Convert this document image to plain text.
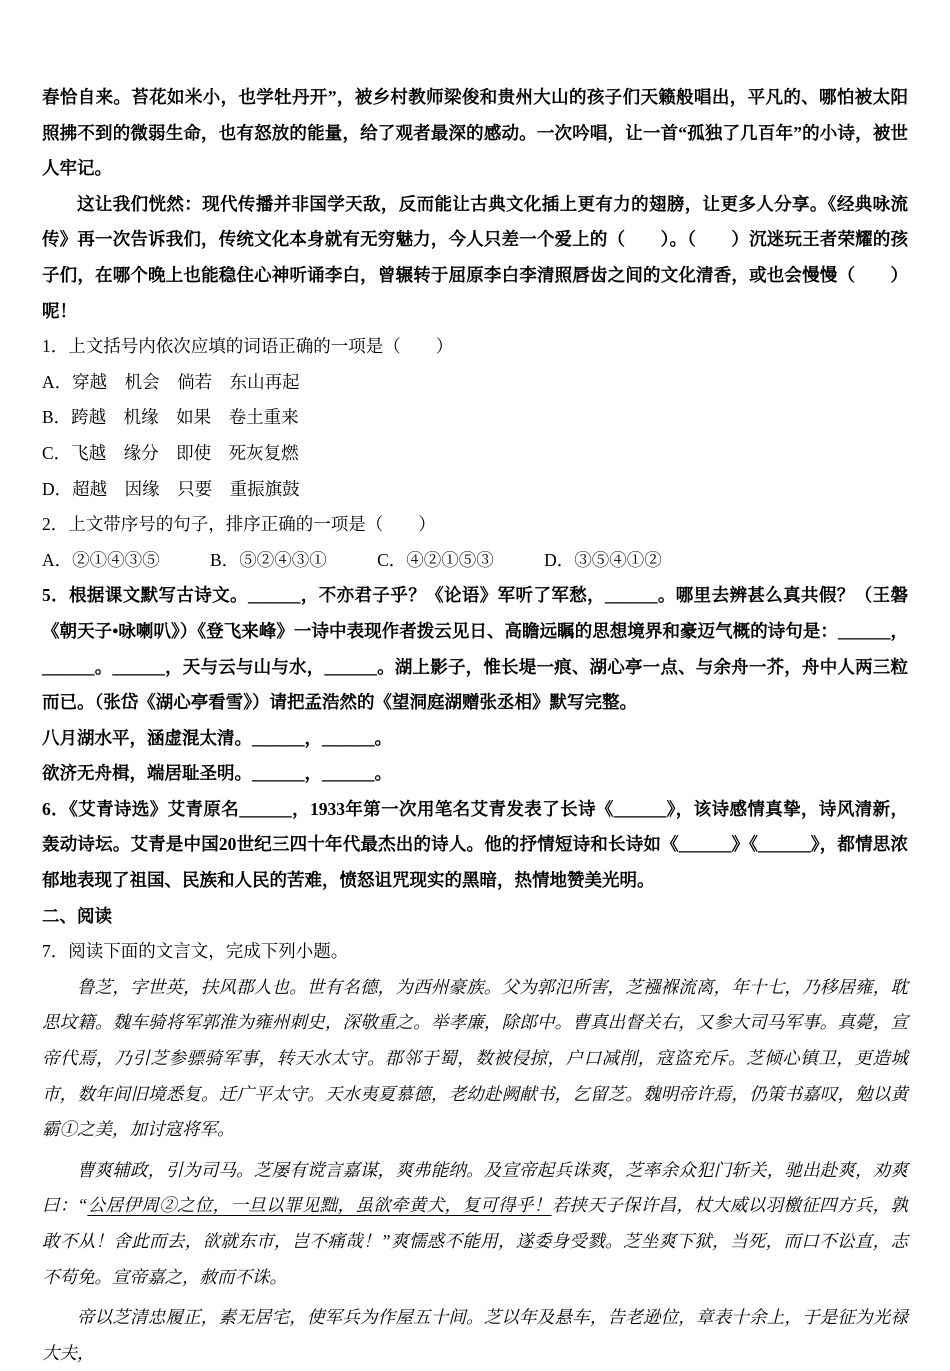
春恰自来。苔花如米小，也学牡丹开”，被乡村教师梁俊和贵州大山的孩子们天籁般唱出，平凡的、哪怕被太阳照拂不到的微弱生命，也有怒放的能量，给了观者最深的感动。一次吟唱，让一首“孤独了几百年”的小诗，被世人牢记。

这让我们恍然：现代传播并非国学天敌，反而能让古典文化插上更有力的翅膀，让更多人分享。《经典咏流传》再一次告诉我们，传统文化本身就有无穷魅力，今人只差一个爱上的（　　）。（　　）沉迷玩王者荣耀的孩子们，在哪个晚上也能稳住心神听诵李白，曾辗转于屈原李白李清照唇齿之间的文化清香，或也会慢慢（　　）呢！

1．上文括号内依次应填的词语正确的一项是（　　）

A．穿越　机会　倘若　东山再起

B．跨越　机缘　如果　卷土重来

C．飞越　缘分　即使　死灰复燃

D．超越　因缘　只要　重振旗鼓

2．上文带序号的句子，排序正确的一项是（　　）

A．②①④③⑤	B．⑤②④③①	C．④②①⑤③	D．③⑤④①②

5．根据课文默写古诗文。______，不亦君子乎？《论语》军听了军愁，______。哪里去辨甚么真共假？（王磐《朝天子•咏喇叭》）《登飞来峰》一诗中表现作者拨云见日、高瞻远瞩的思想境界和豪迈气概的诗句是：______，______。______，天与云与山与水，______。湖上影子，惟长堤一痕、湖心亭一点、与余舟一芥，舟中人两三粒而已。（张岱《湖心亭看雪》）请把孟浩然的《望洞庭湖赠张丞相》默写完整。

八月湖水平，涵虚混太清。______，______。

欲济无舟楫，端居耻圣明。______，______。

6．《艾青诗选》艾青原名______，1933年第一次用笔名艾青发表了长诗《______》，该诗感情真挚，诗风清新，轰动诗坛。艾青是中国20世纪三四十年代最杰出的诗人。他的抒情短诗和长诗如《______》《______》，都情思浓郁地表现了祖国、民族和人民的苦难，愤怒诅咒现实的黑暗，热情地赞美光明。

二、阅读

7．阅读下面的文言文，完成下列小题。

鲁芝，字世英，扶风郡人也。世有名德，为西州豪族。父为郭氾所害，芝襁褓流离，年十七，乃移居雍，耽思坟籍。魏车骑将军郭淮为雍州刺史，深敬重之。举孝廉，除郎中。曹真出督关右，又参大司马军事。真薨，宣帝代焉，乃引芝参骠骑军事，转天水太守。郡邻于蜀，数被侵掠，户口减削，寇盗充斥。芝倾心镇卫，更造城市，数年间旧境悉复。迁广平太守。天水夷夏慕德，老幼赴阙献书，乞留芝。魏明帝许焉，仍策书嘉叹，勉以黄霸①之美，加讨寇将军。

曹爽辅政，引为司马。芝屡有谠言嘉谋，爽弗能纳。及宣帝起兵诛爽，芝率余众犯门斩关，驰出赴爽，劝爽曰：“公居伊周②之位，一旦以罪见黜，虽欲牵黄犬，复可得乎！若挟天子保许昌，杖大威以羽檄征四方兵，孰敢不从！舍此而去，欲就东市，岂不痛哉！”爽懦惑不能用，遂委身受戮。芝坐爽下狱，当死，而口不讼直，志不苟免。宣帝嘉之，赦而不诛。

帝以芝清忠履正，素无居宅，使军兵为作屋五十间。芝以年及悬车，告老逊位，章表十余上，于是征为光禄大夫，
